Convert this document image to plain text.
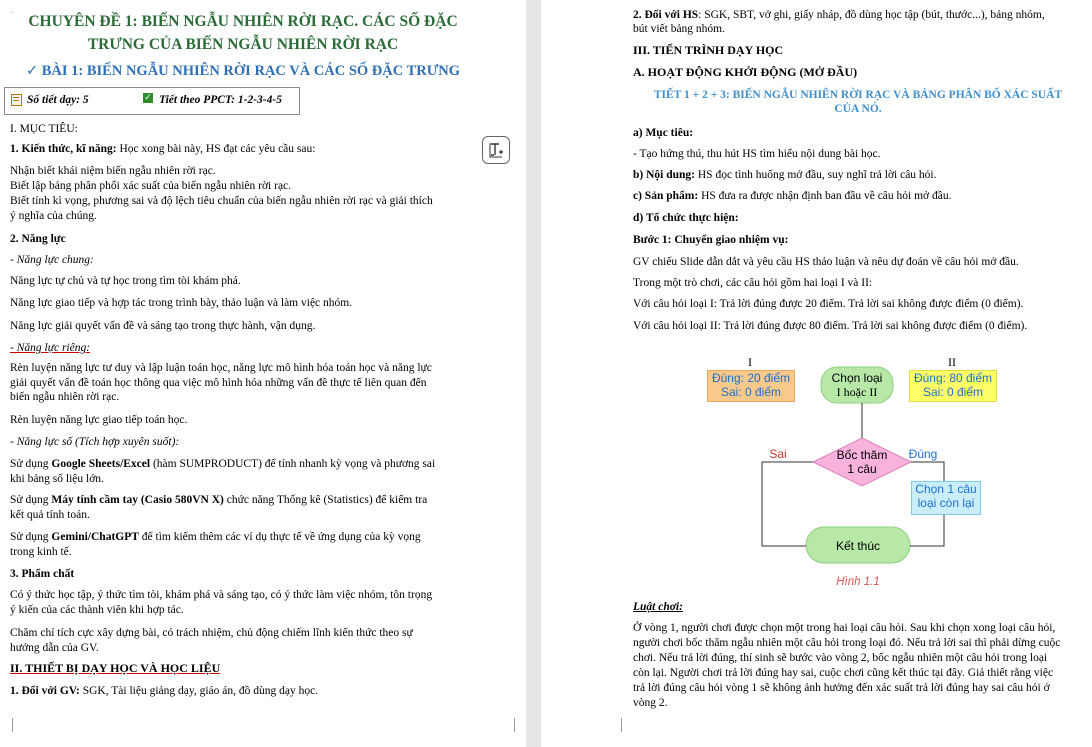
CHUYÊN ĐỀ 1: BIẾN NGẪU NHIÊN RỜI RẠC. CÁC SỐ ĐẶC
TRƯNG CỦA BIẾN NGẪU NHIÊN RỜI RẠC
✓ BÀI 1: BIẾN NGẪU NHIÊN RỜI RẠC VÀ CÁC SỐ ĐẶC TRƯNG
Số tiết dạy: 5	✓ Tiết theo PPCT: 1-2-3-4-5
I. MỤC TIÊU:
1. Kiến thức, kĩ năng: Học xong bài này, HS đạt các yêu cầu sau:
Nhận biết khái niệm biến ngẫu nhiên rời rạc.
Biết lập bảng phân phối xác suất của biến ngẫu nhiên rời rạc.
Biết tính kì vọng, phương sai và độ lệch tiêu chuẩn của biến ngẫu nhiên rời rạc và giải thích
ý nghĩa của chúng.
2. Năng lực
- Năng lực chung:
Năng lực tự chủ và tự học trong tìm tòi khám phá.
Năng lực giao tiếp và hợp tác trong trình bày, thảo luận và làm việc nhóm.
Năng lực giải quyết vấn đề và sáng tạo trong thực hành, vận dụng.
- Năng lực riêng:
Rèn luyện năng lực tư duy và lập luận toán học, năng lực mô hình hóa toán học và năng lực
giải quyết vấn đề toán học thông qua việc mô hình hóa những vấn đề thực tế liên quan đến
biến ngẫu nhiên rời rạc.
Rèn luyện năng lực giao tiếp toán học.
- Năng lực số (Tích hợp xuyên suốt):
Sử dụng Google Sheets/Excel (hàm SUMPRODUCT) để tính nhanh kỳ vọng và phương sai
khi bảng số liệu lớn.
Sử dụng Máy tính cầm tay (Casio 580VN X) chức năng Thống kê (Statistics) để kiểm tra
kết quả tính toán.
Sử dụng Gemini/ChatGPT để tìm kiếm thêm các ví dụ thực tế về ứng dụng của kỳ vọng
trong kinh tế.
3. Phẩm chất
Có ý thức học tập, ý thức tìm tòi, khám phá và sáng tạo, có ý thức làm việc nhóm, tôn trọng
ý kiến của các thành viên khi hợp tác.
Chăm chỉ tích cực xây dựng bài, có trách nhiệm, chủ động chiếm lĩnh kiến thức theo sự
hướng dẫn của GV.
II. THIẾT BỊ DẠY HỌC VÀ HỌC LIỆU
1. Đối với GV: SGK, Tài liệu giảng dạy, giáo án, đồ dùng dạy học.
2. Đối với HS: SGK, SBT, vở ghi, giấy nháp, đồ dùng học tập (bút, thước...), bảng nhóm,
bút viết bảng nhóm.
III. TIẾN TRÌNH DẠY HỌC
A. HOẠT ĐỘNG KHỞI ĐỘNG (MỞ ĐẦU)
TIẾT 1 + 2 + 3: BIẾN NGẪU NHIÊN RỜI RẠC VÀ BẢNG PHÂN BỐ XÁC SUẤT
CỦA NÓ.
a) Mục tiêu:
- Tạo hứng thú, thu hút HS tìm hiểu nội dung bài học.
b) Nội dung: HS đọc tình huống mở đầu, suy nghĩ trả lời câu hỏi.
c) Sản phẩm: HS đưa ra được nhận định ban đầu về câu hỏi mở đầu.
d) Tổ chức thực hiện:
Bước 1: Chuyển giao nhiệm vụ:
GV chiếu Slide dẫn dắt và yêu cầu HS thảo luận và nêu dự đoán về câu hỏi mở đầu.
Trong một trò chơi, các câu hỏi gồm hai loại I và II:
Với câu hỏi loại I: Trả lời đúng được 20 điểm. Trả lời sai không được điểm (0 điểm).
Với câu hỏi loại II: Trả lời đúng được 80 điểm. Trả lời sai không được điểm (0 điểm).
I
Đúng: 20 điểm
Sai: 0 điểm
II
Đúng: 80 điểm
Sai: 0 điểm
Chọn loại
I hoặc II
Bốc thăm
1 câu
Sai	Đúng
Chọn 1 câu
loại còn lại
Kết thúc
Hình 1.1
Luật chơi:
Ở vòng 1, người chơi được chọn một trong hai loại câu hỏi. Sau khi chọn xong loại câu hỏi,
người chơi bốc thăm ngẫu nhiên một câu hỏi trong loại đó. Nếu trả lời sai thì phải dừng cuộc
chơi. Nếu trả lời đúng, thí sinh sẽ bước vào vòng 2, bốc ngẫu nhiên một câu hỏi trong loại
còn lại. Người chơi trả lời đúng hay sai, cuộc chơi cũng kết thúc tại đây. Giả thiết rằng việc
trả lời đúng câu hỏi vòng 1 sẽ không ảnh hưởng đến xác suất trả lời đúng hay sai câu hỏi ở
vòng 2.
